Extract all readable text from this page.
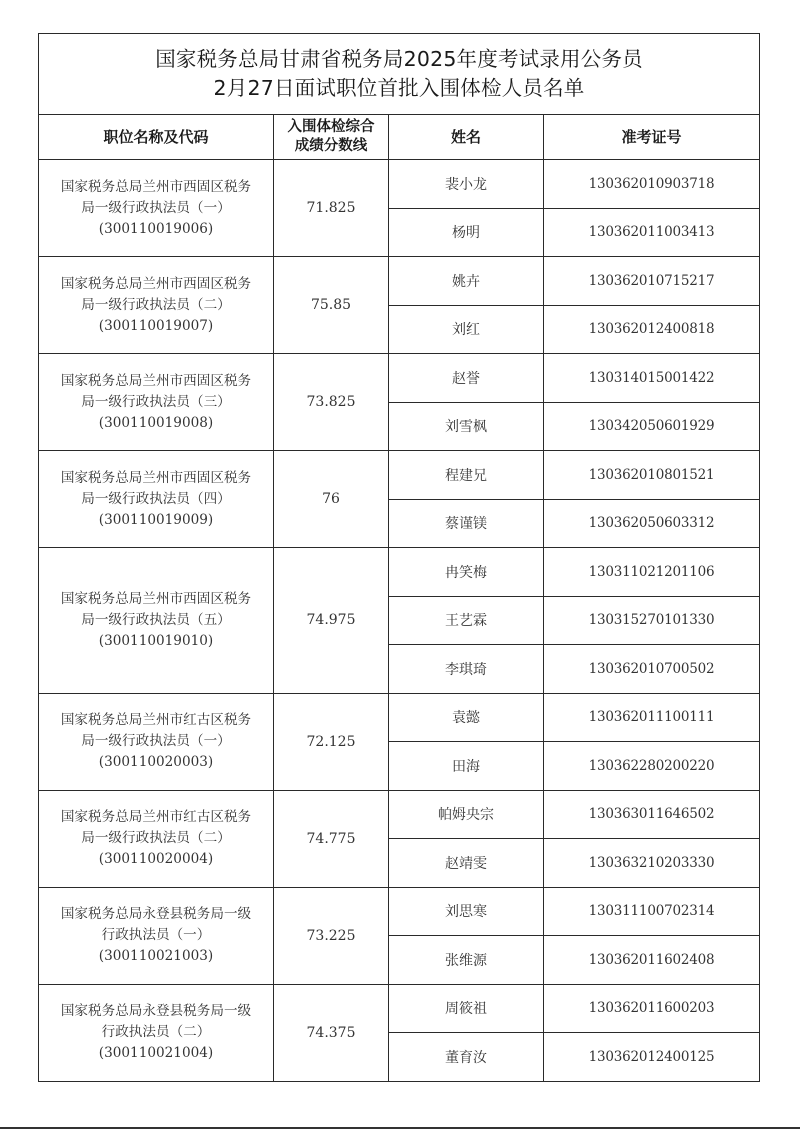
国家税务总局甘肃省税务局2025年度考试录用公务员
2月27日面试职位首批入围体检人员名单			

职位名称及代码	入围体检综合
成绩分数线	姓名	准考证号

国家税务总局兰州市西固区税务
局一级行政执法员（一）
(300110019006)	71.825	裴小龙	130362010903718
		杨明	130362011003413

国家税务总局兰州市西固区税务
局一级行政执法员（二）
(300110019007)	75.85	姚卉	130362010715217
		刘红	130362012400818

国家税务总局兰州市西固区税务
局一级行政执法员（三）
(300110019008)	73.825	赵誉	130314015001422
		刘雪枫	130342050601929

国家税务总局兰州市西固区税务
局一级行政执法员（四）
(300110019009)	76	程建兄	130362010801521
		蔡谨镁	130362050603312

国家税务总局兰州市西固区税务
局一级行政执法员（五）
(300110019010)	74.975	冉笑梅	130311021201106
		王艺霖	130315270101330
		李琪琦	130362010700502

国家税务总局兰州市红古区税务
局一级行政执法员（一）
(300110020003)	72.125	袁懿	130362011100111
		田海	130362280200220

国家税务总局兰州市红古区税务
局一级行政执法员（二）
(300110020004)	74.775	帕姆央宗	130363011646502
		赵靖雯	130363210203330

国家税务总局永登县税务局一级
行政执法员（一）
(300110021003)	73.225	刘思寒	130311100702314
		张维源	130362011602408

国家税务总局永登县税务局一级
行政执法员（二）
(300110021004)	74.375	周筱祖	130362011600203
		董育汝	130362012400125
